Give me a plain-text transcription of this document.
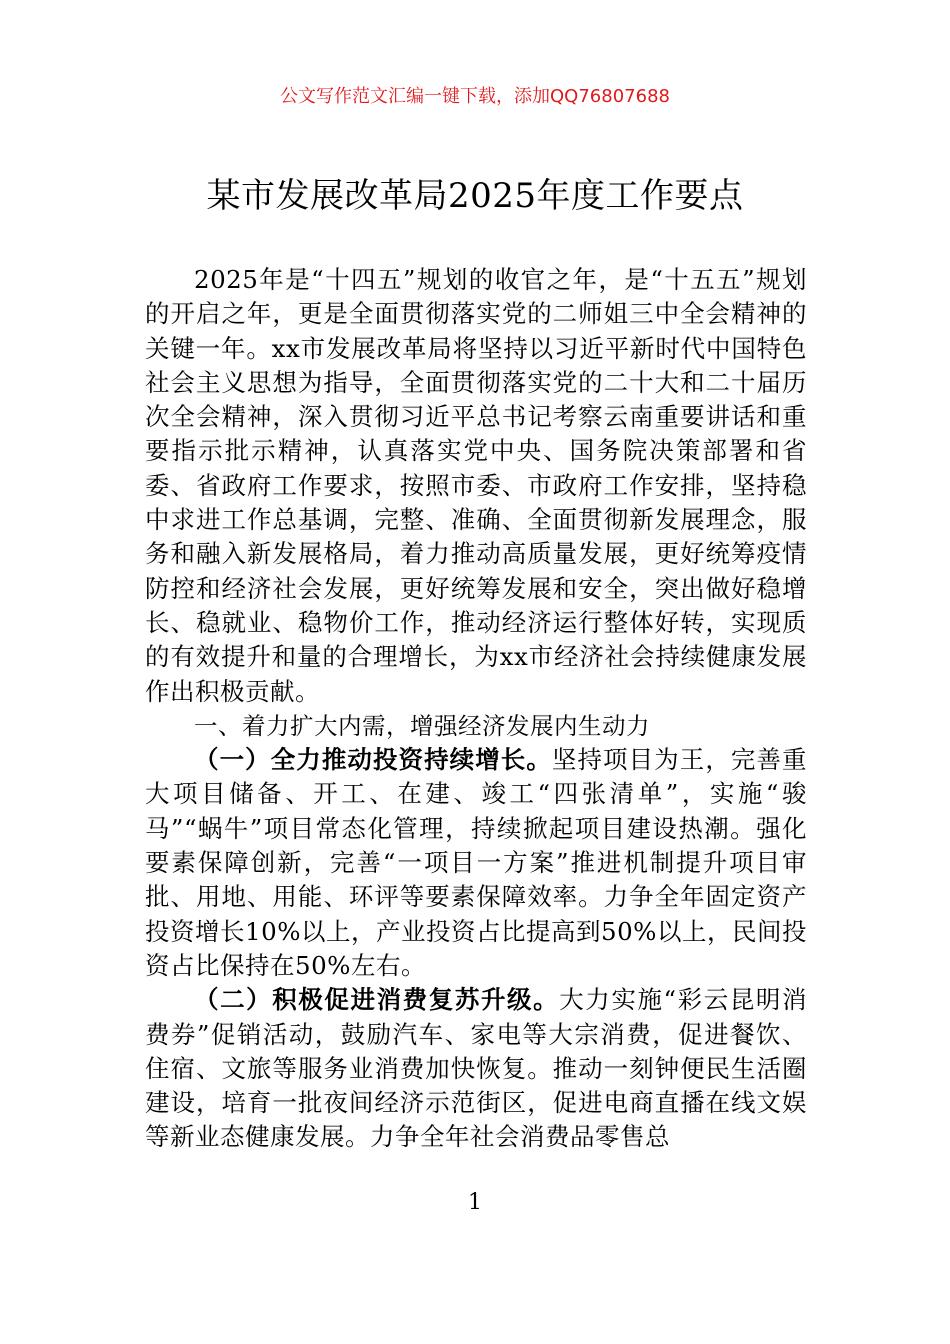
公文写作范文汇编一键下载，添加QQ76807688
某市发展改革局2025年度工作要点

2025年是“十四五”规划的收官之年，是“十五五”规划的开启之年，更是全面贯彻落实党的二师姐三中全会精神的关键一年。xx市发展改革局将坚持以习近平新时代中国特色社会主义思想为指导，全面贯彻落实党的二十大和二十届历次全会精神，深入贯彻习近平总书记考察云南重要讲话和重要指示批示精神，认真落实党中央、国务院决策部署和省委、省政府工作要求，按照市委、市政府工作安排，坚持稳中求进工作总基调，完整、准确、全面贯彻新发展理念，服务和融入新发展格局，着力推动高质量发展，更好统筹疫情防控和经济社会发展，更好统筹发展和安全，突出做好稳增长、稳就业、稳物价工作，推动经济运行整体好转，实现质的有效提升和量的合理增长，为xx市经济社会持续健康发展作出积极贡献。

一、着力扩大内需，增强经济发展内生动力

（一）全力推动投资持续增长。坚持项目为王，完善重大项目储备、开工、在建、竣工“四张清单”，实施“骏马”“蜗牛”项目常态化管理，持续掀起项目建设热潮。强化要素保障创新，完善“一项目一方案”推进机制提升项目审批、用地、用能、环评等要素保障效率。力争全年固定资产投资增长10%以上，产业投资占比提高到50%以上，民间投资占比保持在50%左右。

（二）积极促进消费复苏升级。大力实施“彩云昆明消费券”促销活动，鼓励汽车、家电等大宗消费，促进餐饮、住宿、文旅等服务业消费加快恢复。推动一刻钟便民生活圈建设，培育一批夜间经济示范街区，促进电商直播在线文娱等新业态健康发展。力争全年社会消费品零售总

1
